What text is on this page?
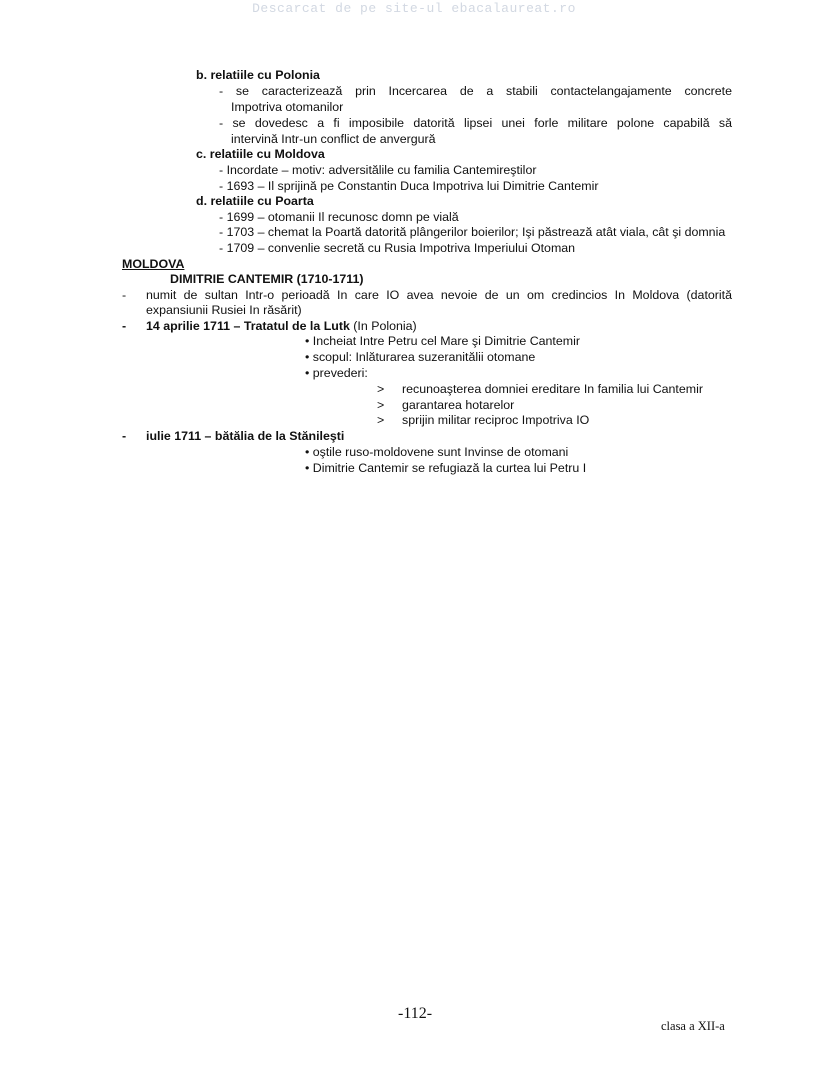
Descarcat de pe site-ul ebacalaureat.ro
b. relatiile cu Polonia
- se caracterizează prin Incercarea de a stabili contactelangajamente concrete
Impotriva otomanilor
- se dovedesc a fi imposibile datorită lipsei unei forle militare polone capabilă să
intervină Intr-un conflict de anvergură
c. relatiile cu Moldova
- Incordate – motiv: adversitălile cu familia Cantemireştilor
- 1693 – Il sprijină pe Constantin Duca Impotriva lui Dimitrie Cantemir
d. relatiile cu Poarta
- 1699 – otomanii Il recunosc domn pe vială
- 1703 – chemat la Poartă datorită plângerilor boierilor; Işi păstrează atât viala, cât şi domnia
- 1709 – convenlie secretă cu Rusia Impotriva Imperiului Otoman
MOLDOVA
DIMITRIE CANTEMIR (1710-1711)
- numit de sultan Intr-o perioadă In care IO avea nevoie de un om credincios In Moldova (datorită
expansiunii Rusiei In răsărit)
- 14 aprilie 1711 – Tratatul de la Lutk (In Polonia)
• Incheiat Intre Petru cel Mare şi Dimitrie Cantemir
• scopul: Inlăturarea suzeranitălii otomane
• prevederi:
> recunoaşterea domniei ereditare In familia lui Cantemir
> garantarea hotarelor
> sprijin militar reciproc Impotriva IO
- iulie 1711 – bătălia de la Stănileşti
• oştile ruso-moldovene sunt Invinse de otomani
• Dimitrie Cantemir se refugiază la curtea lui Petru I
-112-
clasa a XII-a
